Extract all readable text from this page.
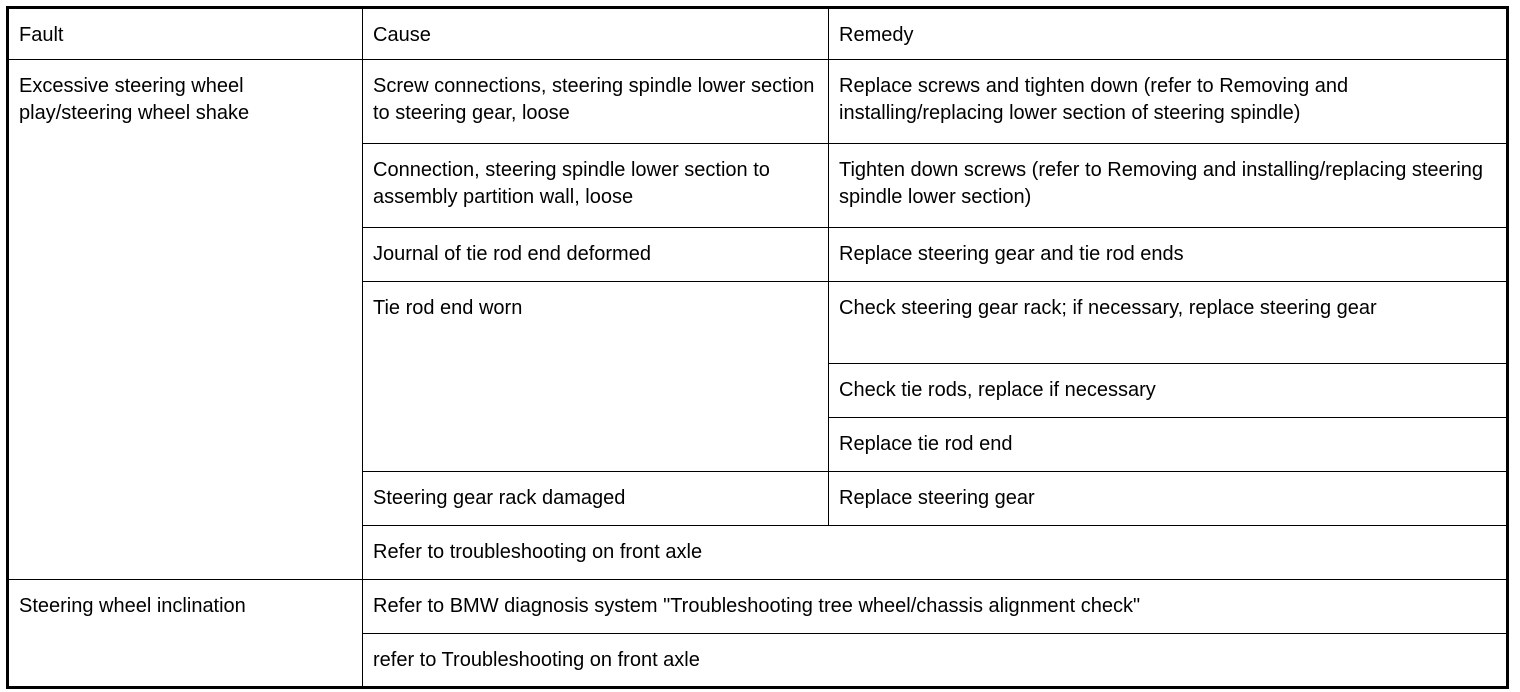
Fault	Cause	Remedy
Excessive steering wheel play/steering wheel shake	Screw connections, steering spindle lower section to steering gear, loose	Replace screws and tighten down (refer to Removing and installing/replacing lower section of steering spindle)
	Connection, steering spindle lower section to assembly partition wall, loose	Tighten down screws (refer to Removing and installing/replacing steering spindle lower section)
	Journal of tie rod end deformed	Replace steering gear and tie rod ends
	Tie rod end worn	Check steering gear rack; if necessary, replace steering gear
		Check tie rods, replace if necessary
		Replace tie rod end
	Steering gear rack damaged	Replace steering gear
	Refer to troubleshooting on front axle	
Steering wheel inclination	Refer to BMW diagnosis system "Troubleshooting tree wheel/chassis alignment check"	
	refer to Troubleshooting on front axle	
